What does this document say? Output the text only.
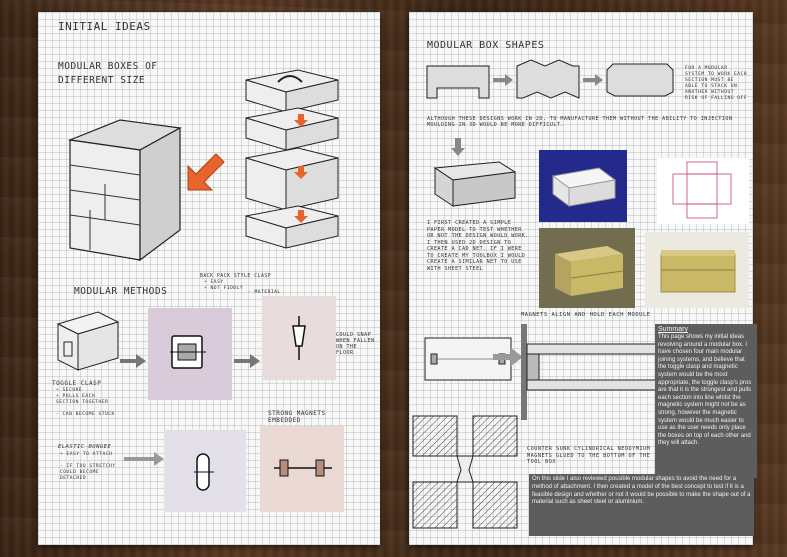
INITIAL IDEAS
MODULAR BOXES OF DIFFERENT SIZE
MODULAR METHODS
TOGGLE CLASP
+ SECURE
+ PULLS EACH SECTION TOGETHER
- CAN BECOME STUCK
BACK PACK STYLE CLASP
+ EASY
+ NOT FIDDLY
- MATERIAL
COULD SNAP WHEN FALLEN ON THE FLOOR
ELASTIC BUNGEE
+ EASY TO ATTACH
- IF TOO STRETCHY COULD BECOME DETACHED
STRONG MAGNETS EMBEDDED
MODULAR BOX SHAPES
FOR A MODULAR SYSTEM TO WORK EACH SECTION MUST BE ABLE TO STACK ON ANOTHER WITHOUT RISK OF FALLING OFF
ALTHOUGH THESE DESIGNS WORK IN 2D, TO MANUFACTURE THEM WITHOUT THE ABILITY TO INJECTION MOULDING IN 3D WOULD BE MORE DIFFICULT.
I FIRST CREATED A SIMPLE PAPER MODEL TO TEST WHETHER OR NOT THE DESIGN WOULD WORK. I THEN USED 2D DESIGN TO CREATE A CAD NET. IF I WERE TO CREATE MY TOOLBOX I WOULD CREATE A SIMILAR NET TO USE WITH SHEET STEEL
MAGNETS ALIGN AND HOLD EACH MODULE
COUNTER SUNK CYLINDRICAL NEODYMIUM MAGNETS GLUED TO THE BOTTOM OF THE TOOL BOX
Summary
This page shows my initial ideas revolving around a modular box. I have chosen four main modular joining systems, and believe that the toggle clasp and magnetic system would be the most appropriate, the toggle clasp's pros are that it is the strongest and pulls each section into line whilst the magnetic system might not be as strong, however the magnetic system would be much easier to use as the user needs only place the boxes on top of each other and they will attach.
On this slide I also reviewed possible modular shapes to avoid the need for a method of attachment. I then created a model of the best concept to test if it is a feasible design and whether or not it would be possible to make the shape out of a material such as sheet steel or aluminium.
